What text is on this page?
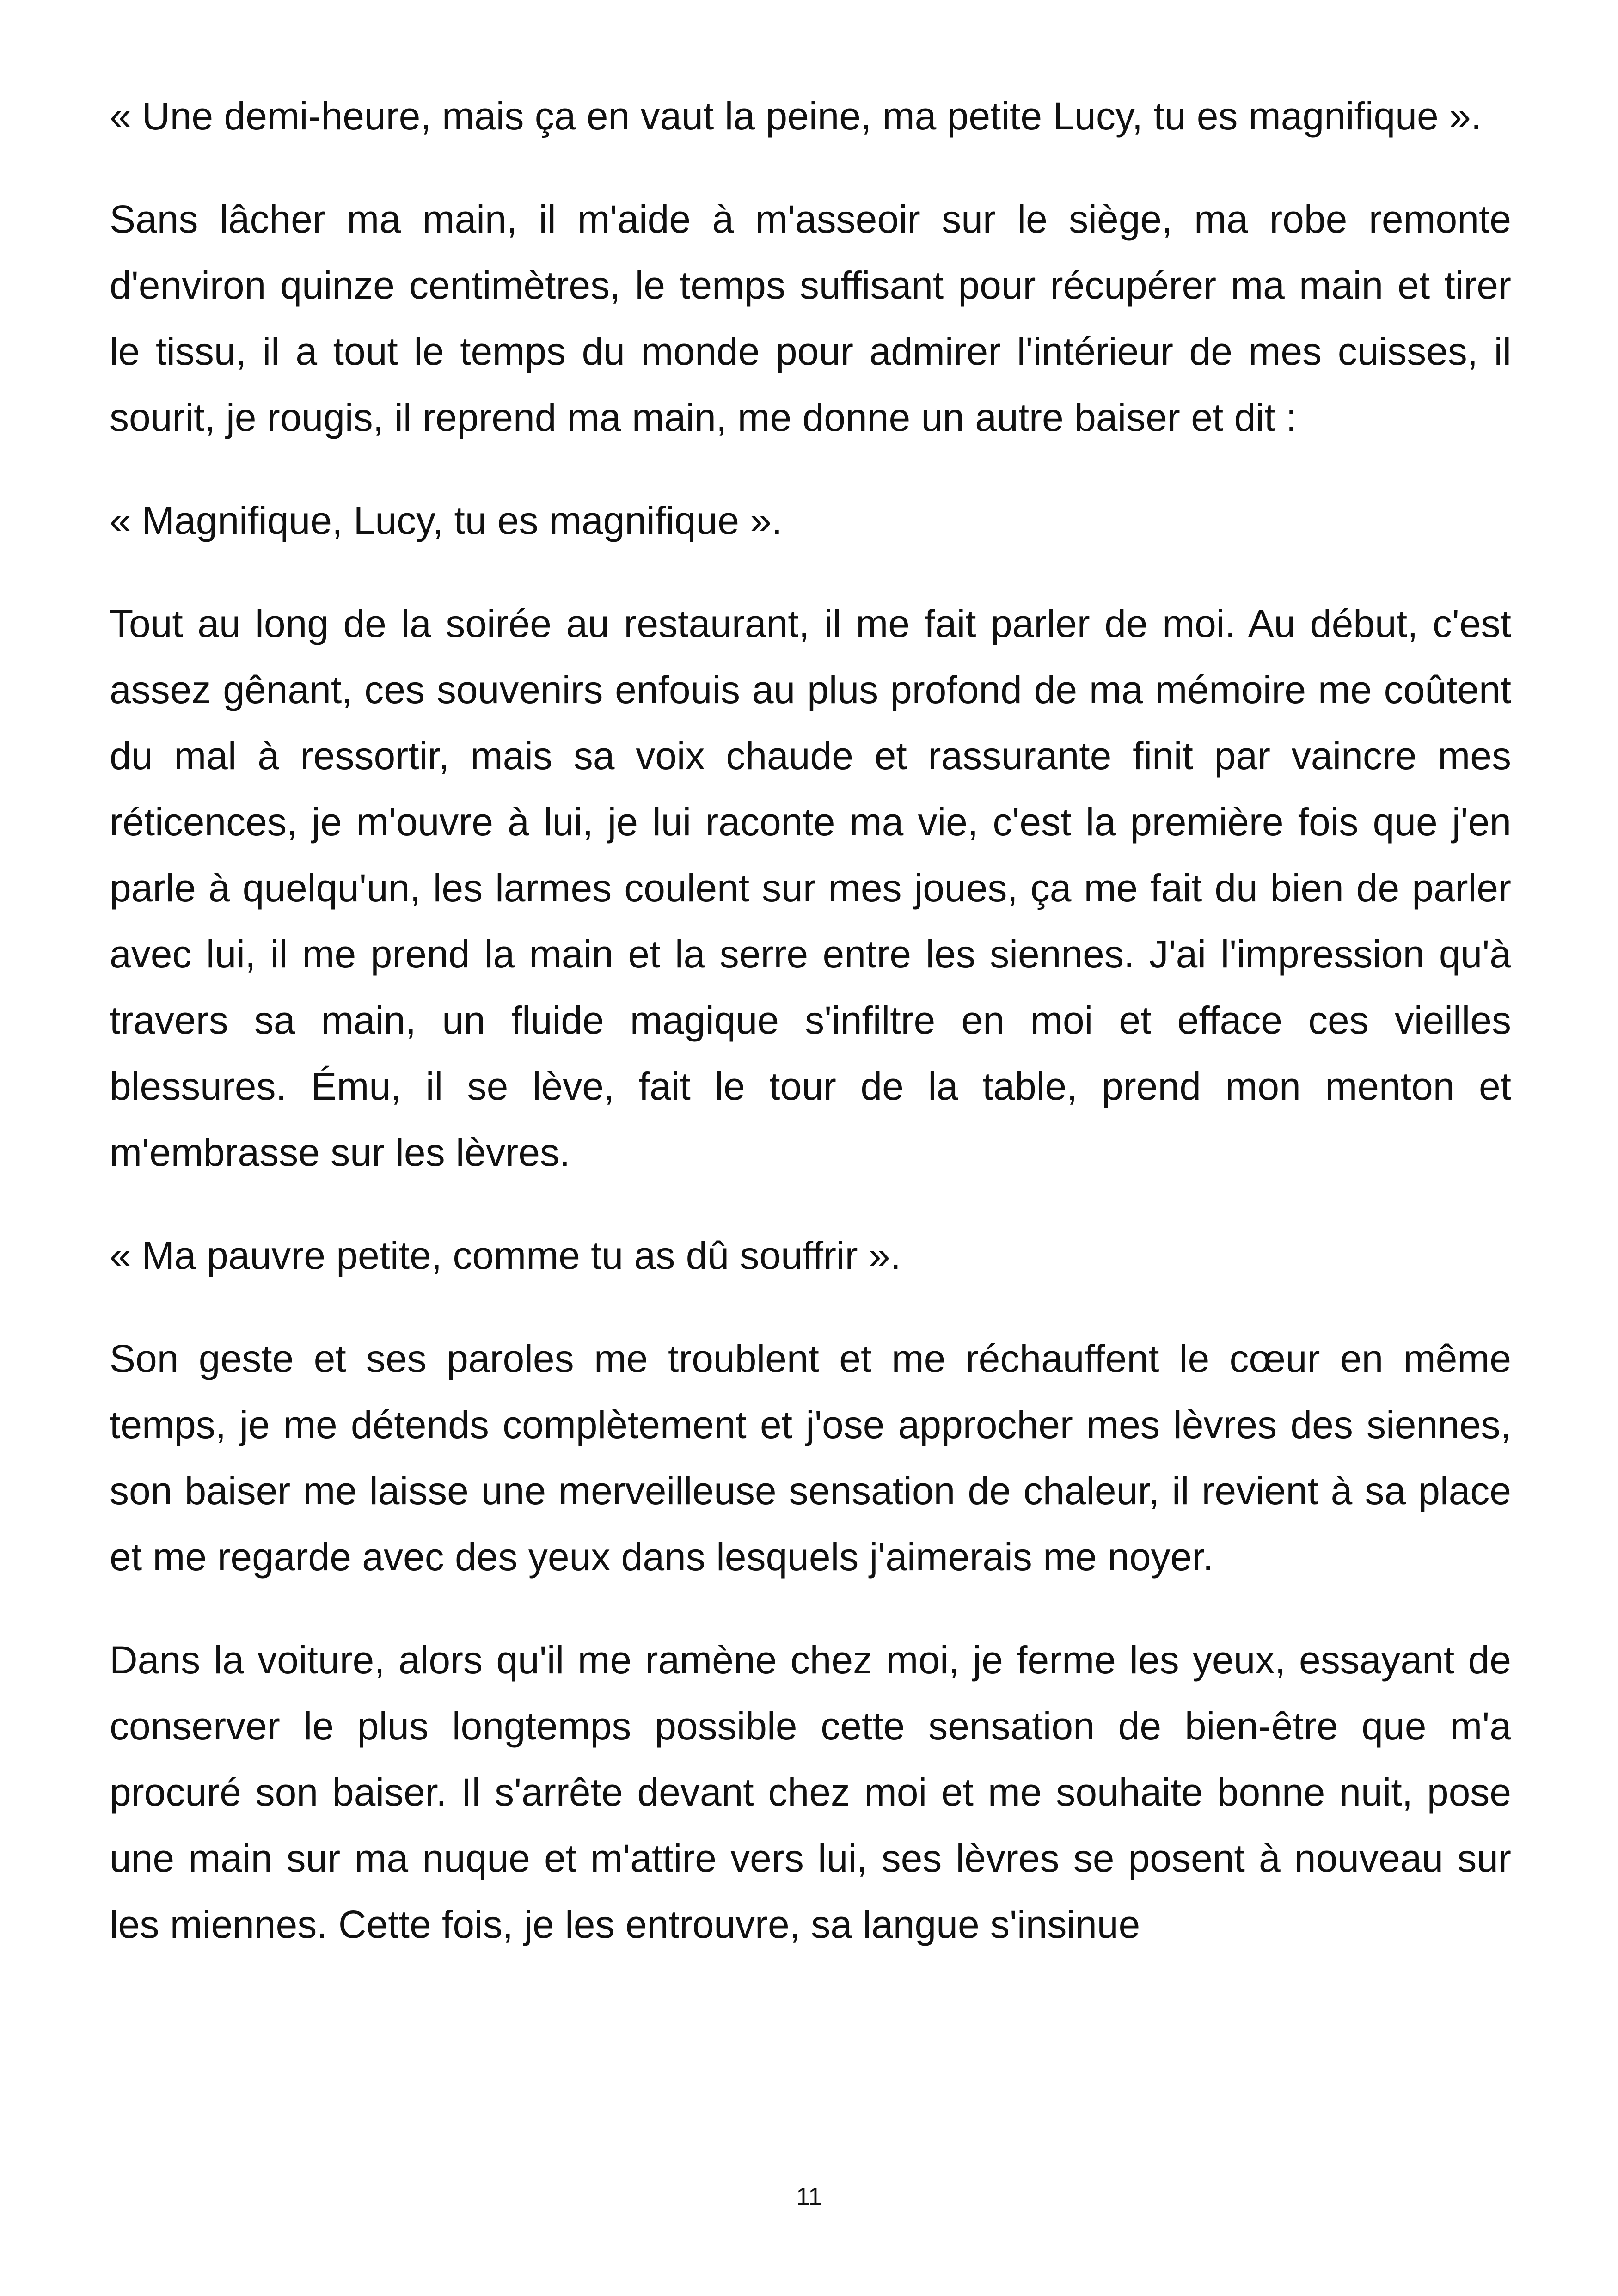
« Une demi-heure, mais ça en vaut la peine, ma petite Lucy, tu es magnifique ».

Sans lâcher ma main, il m'aide à m'asseoir sur le siège, ma robe remonte d'environ quinze centimètres, le temps suffisant pour récupérer ma main et tirer le tissu, il a tout le temps du monde pour admirer l'intérieur de mes cuisses, il sourit, je rougis, il reprend ma main, me donne un autre baiser et dit :

« Magnifique, Lucy, tu es magnifique ».

Tout au long de la soirée au restaurant, il me fait parler de moi. Au début, c'est assez gênant, ces souvenirs enfouis au plus profond de ma mémoire me coûtent du mal à ressortir, mais sa voix chaude et rassurante finit par vaincre mes réticences, je m'ouvre à lui, je lui raconte ma vie, c'est la première fois que j'en parle à quelqu'un, les larmes coulent sur mes joues, ça me fait du bien de parler avec lui, il me prend la main et la serre entre les siennes. J'ai l'impression qu'à travers sa main, un fluide magique s'infiltre en moi et efface ces vieilles blessures. Ému, il se lève, fait le tour de la table, prend mon menton et m'embrasse sur les lèvres.

« Ma pauvre petite, comme tu as dû souffrir ».

Son geste et ses paroles me troublent et me réchauffent le cœur en même temps, je me détends complètement et j'ose approcher mes lèvres des siennes, son baiser me laisse une merveilleuse sensation de chaleur, il revient à sa place et me regarde avec des yeux dans lesquels j'aimerais me noyer.

Dans la voiture, alors qu'il me ramène chez moi, je ferme les yeux, essayant de conserver le plus longtemps possible cette sensation de bien-être que m'a procuré son baiser. Il s'arrête devant chez moi et me souhaite bonne nuit, pose une main sur ma nuque et m'attire vers lui, ses lèvres se posent à nouveau sur les miennes. Cette fois, je les entrouvre, sa langue s'insinue

11
